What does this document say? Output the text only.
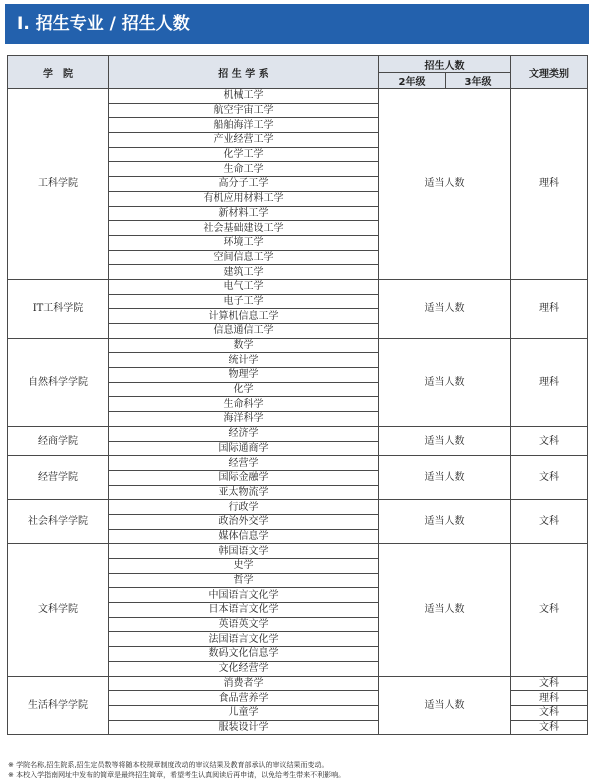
Ⅰ. 招生专业 / 招生人数
学　院	招 生 学 系	招生人数		文理类别
		2年级	3年级	
工科学院	机械工学	适当人数		理科
	航空宇宙工学			
	船舶海洋工学			
	产业经营工学			
	化学工学			
	生命工学			
	高分子工学			
	有机应用材料工学			
	新材料工学			
	社会基础建设工学			
	环境工学			
	空间信息工学			
	建筑工学			
IT工科学院	电气工学	适当人数		理科
	电子工学			
	计算机信息工学			
	信息通信工学			
自然科学学院	数学	适当人数		理科
	统计学			
	物理学			
	化学			
	生命科学			
	海洋科学			
经商学院	经济学	适当人数		文科
	国际通商学			
经营学院	经营学	适当人数		文科
	国际金融学			
	亚太物流学			
社会科学学院	行政学	适当人数		文科
	政治外交学			
	媒体信息学			
文科学院	韩国语文学	适当人数		文科
	史学			
	哲学			
	中国语言文化学			
	日本语言文化学			
	英语英文学			
	法国语言文化学			
	数码文化信息学			
	文化经营学			
生活科学学院	消费者学	适当人数		文科
	食品营养学			理科
	儿童学			文科
	服装设计学			文科
※ 学院名称,招生院系,招生定员数等将随本校规章制度改动的审议结果及教育部承认的审议结果而变动。
※ 本校入学指南网址中发布的简章是最终招生简章，希望考生认真阅读后再申请，以免给考生带来不利影响。
